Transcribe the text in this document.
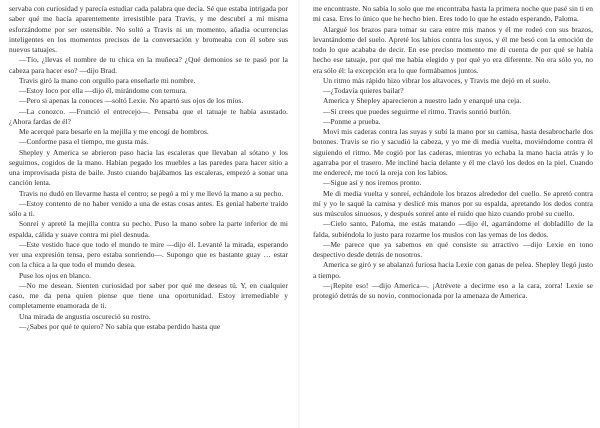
servaba con curiosidad y parecía estudiar cada palabra que decía. Sé que estaba intrigada por saber qué me hacía aparentemente irresistible para Travis, y me descubrí a mí misma esforzándome por ser ostensible. No soltó a Travis ni un momento, añadía ocurrencias inteligentes en los momentos precisos de la conversación y bromeaba con él sobre sus nuevos tatuajes.

—Tío, ¿llevas el nombre de tu chica en la muñeca? ¿Qué demonios se te pasó por la cabeza para hacer eso? —dijo Brad.

Travis giró la mano con orgullo para enseñarle mi nombre.

—Estoy loco por ella —dijo él, mirándome con ternura.

—Pero si apenas la conoces —soltó Lexie. No apartó sus ojos de los míos.

—La conozco. —Frunció el entrecejo—. Pensaba que el tatuaje te había asustado. ¿Ahora fardas de él?

Me acerqué para besarle en la mejilla y me encogí de hombros.

—Conforme pasa el tiempo, me gusta más.

Shepley y America se abrieron paso hacia las escaleras que llevaban al sótano y los seguimos, cogidos de la mano. Habían pegado los muebles a las paredes para hacer sitio a una improvisada pista de baile. Justo cuando bajábamos las escaleras, empezó a sonar una canción lenta.

Travis no dudó en llevarme hasta el centro; se pegó a mí y me llevó la mano a su pecho.

—Estoy contento de no haber venido a una de estas cosas antes. Es genial haberte traído sólo a ti.

Sonreí y apreté la mejilla contra su pecho. Puso la mano sobre la parte inferior de mi espalda, cálida y suave contra mi piel desnuda.

—Este vestido hace que todo el mundo te mire —dijo él. Levanté la mirada, esperando ver una expresión tensa, pero estaba sonriendo—. Supongo que es bastante guay … estar con la chica a la que todo el mundo desea.

Puse los ojos en blanco.

—No me desean. Sienten curiosidad por saber por qué me deseas tú. Y, en cualquier caso, me da pena quien piense que tiene una oportunidad. Estoy irremediable y completamente enamorada de ti.

Una mirada de angustia oscureció su rostro.

—¿Sabes por qué te quiero? No sabía que estaba perdido hasta que

me encontraste. No sabía lo solo que me encontraba hasta la primera noche que pasé sin ti en mi casa. Eres lo único que he hecho bien. Eres todo lo que he estado esperando, Paloma.

Alargué los brazos para tomar su cara entre mis manos y él me rodeó con sus brazos, levantándome del suelo. Apreté los labios contra los suyos, y él me besó con la emoción de todo lo que acababa de decir. En ese preciso momento me di cuenta de por qué se había hecho ese tatuaje, por qué me había elegido y por qué yo era diferente. No era sólo yo, no era sólo él: la excepción era lo que formábamos juntos.

Un ritmo más rápido hizo vibrar los altavoces, y Travis me dejó en el suelo.

—¿Todavía quieres bailar?

America y Shepley aparecieron a nuestro lado y enarqué una ceja.

—Si crees que puedes seguirme el ritmo. Travis sonrió burlón.

—Ponme a prueba.

Moví mis caderas contra las suyas y subí la mano por su camisa, hasta desabrocharle dos botones. Travis se rio y sacudió la cabeza, y yo me di media vuelta, moviéndome contra él siguiendo el ritmo. Me cogió por las caderas, mientras yo echaba la mano hacia atrás y lo agarraba por el trasero. Me incliné hacia delante y él me clavó los dedos en la piel. Cuando me enderecé, me tocó la oreja con los labios.

—Sigue así y nos iremos pronto.

Me di media vuelta y sonreí, echándole los brazos alrededor del cuello. Se apretó contra mí y yo le saqué la camisa y deslicé mis manos por su espalda, apretando los dedos contra sus músculos sinuosos, y después sonreí ante el ruido que hizo cuando probé su cuello.

—Cielo santo, Paloma, me estás matando —dijo él, agarrándome el dobladillo de la falda, subiéndola lo justo para rozarme los muslos con las yemas de los dedos.

—Me parece que ya sabemos en qué consiste su atractivo —dijo Lexie en tono despectivo desde detrás de nosotros.

America se giró y se abalanzó furiosa hacia Lexie con ganas de pelea. Shepley llegó justo a tiempo.

—¡Repite eso! —dijo America—. ¡Atrévete a decirme eso a la cara, zorra! Lexie se protegió detrás de su novio, conmocionada por la amenaza de America.
